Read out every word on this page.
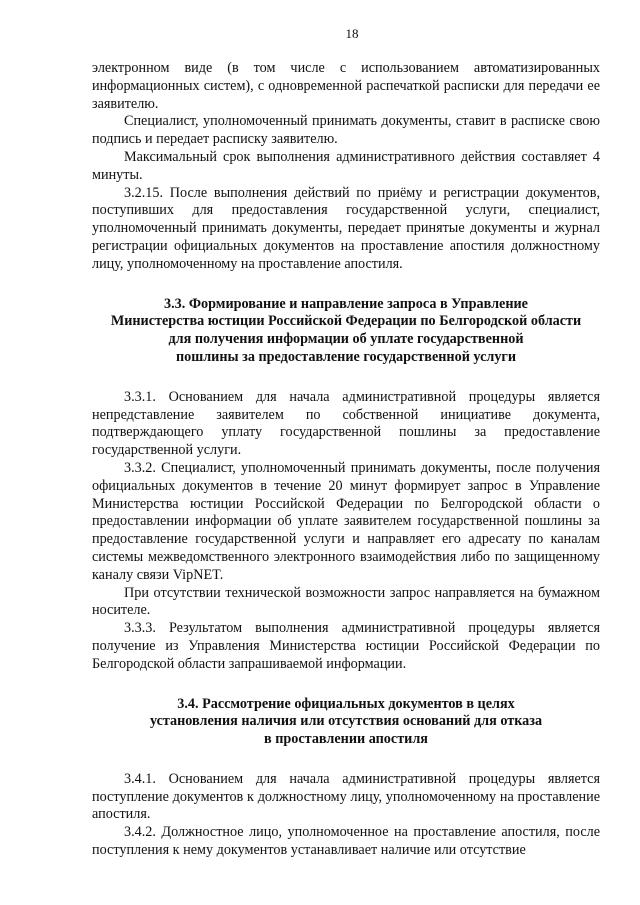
18

электронном виде (в том числе с использованием автоматизированных информационных систем), с одновременной распечаткой расписки для передачи ее заявителю.

Специалист, уполномоченный принимать документы, ставит в расписке свою подпись и передает расписку заявителю.

Максимальный срок выполнения административного действия составляет 4 минуты.

3.2.15. После выполнения действий по приёму и регистрации документов, поступивших для предоставления государственной услуги, специалист, уполномоченный принимать документы, передает принятые документы и журнал регистрации официальных документов на проставление апостиля должностному лицу, уполномоченному на проставление апостиля.

3.3. Формирование и направление запроса в Управление
Министерства юстиции Российской Федерации по Белгородской области
для получения информации об уплате государственной
пошлины за предоставление государственной услуги

3.3.1. Основанием для начала административной процедуры является непредставление заявителем по собственной инициативе документа, подтверждающего уплату государственной пошлины за предоставление государственной услуги.

3.3.2. Специалист, уполномоченный принимать документы, после получения официальных документов в течение 20 минут формирует запрос в Управление Министерства юстиции Российской Федерации по Белгородской области о предоставлении информации об уплате заявителем государственной пошлины за предоставление государственной услуги и направляет его адресату по каналам системы межведомственного электронного взаимодействия либо по защищенному каналу связи VipNET.

При отсутствии технической возможности запрос направляется на бумажном носителе.

3.3.3. Результатом выполнения административной процедуры является получение из Управления Министерства юстиции Российской Федерации по Белгородской области запрашиваемой информации.

3.4. Рассмотрение официальных документов в целях
установления наличия или отсутствия оснований для отказа
в проставлении апостиля

3.4.1. Основанием для начала административной процедуры является поступление документов к должностному лицу, уполномоченному на проставление апостиля.

3.4.2. Должностное лицо, уполномоченное на проставление апостиля, после поступления к нему документов устанавливает наличие или отсутствие
